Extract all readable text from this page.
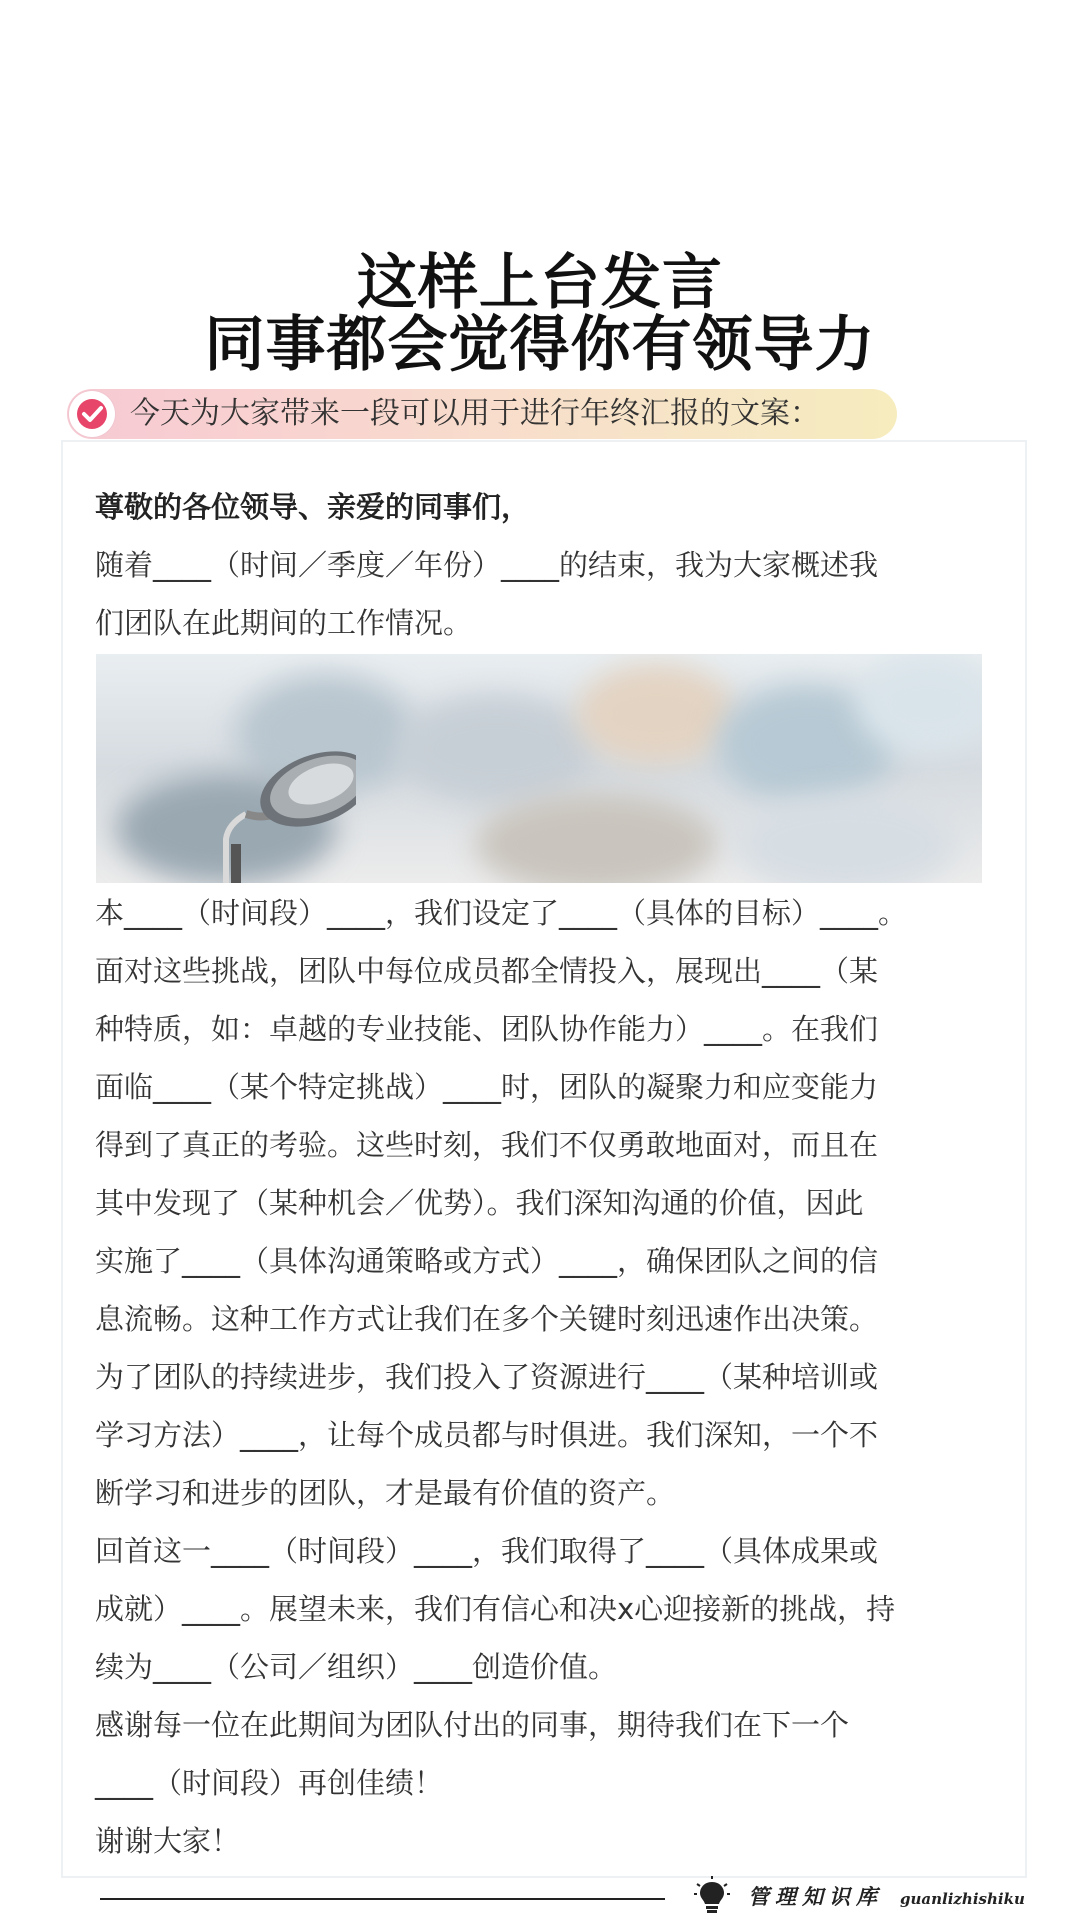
这样上台发言
同事都会觉得你有领导力
今天为大家带来一段可以用于进行年终汇报的文案：
尊敬的各位领导、亲爱的同事们，
随着____（时间／季度／年份）____的结束，我为大家概述我
们团队在此期间的工作情况。
本____（时间段）____，我们设定了____（具体的目标）____。
面对这些挑战，团队中每位成员都全情投入，展现出____（某
种特质，如：卓越的专业技能、团队协作能力）____。在我们
面临____（某个特定挑战）____时，团队的凝聚力和应变能力
得到了真正的考验。这些时刻，我们不仅勇敢地面对，而且在
其中发现了（某种机会／优势）。我们深知沟通的价值，因此
实施了____（具体沟通策略或方式）____，确保团队之间的信
息流畅。这种工作方式让我们在多个关键时刻迅速作出决策。
为了团队的持续进步，我们投入了资源进行____（某种培训或
学习方法）____，让每个成员都与时俱进。我们深知，一个不
断学习和进步的团队，才是最有价值的资产。
回首这一____（时间段）____，我们取得了____（具体成果或
成就）____。展望未来，我们有信心和决x心迎接新的挑战，持
续为____（公司／组织）____创造价值。
感谢每一位在此期间为团队付出的同事，期待我们在下一个
____（时间段）再创佳绩！
谢谢大家！
管理知识库 guanlizhishiku
